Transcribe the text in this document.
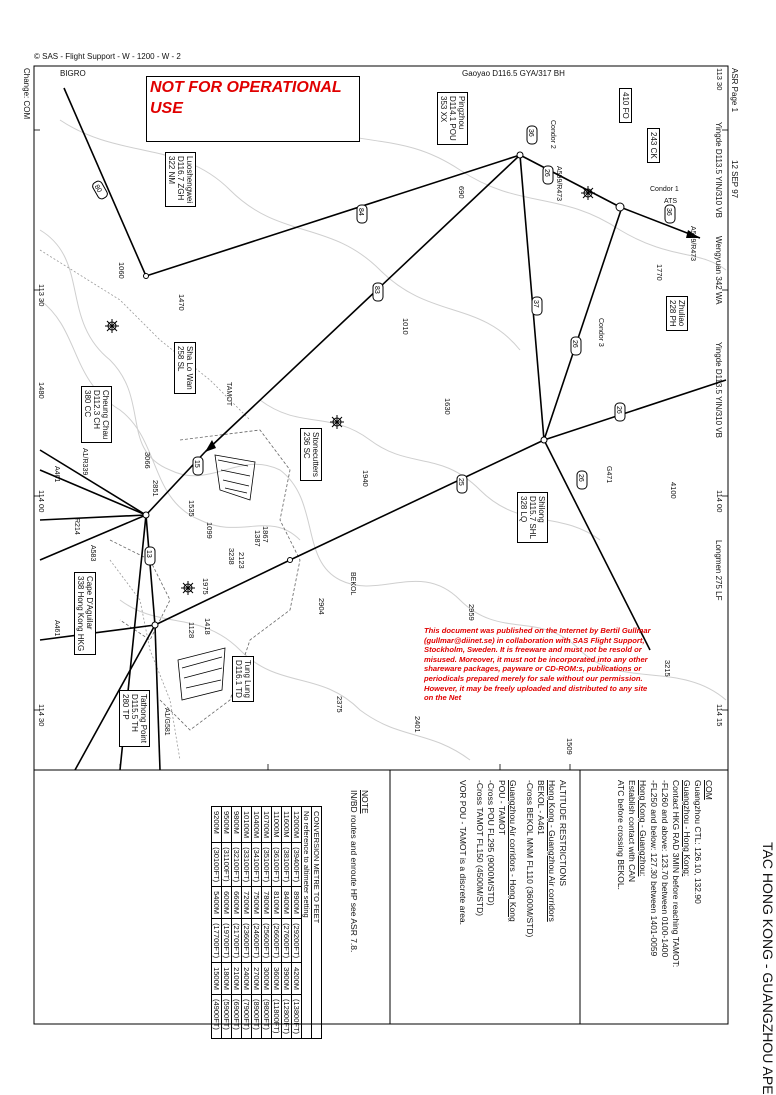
80
84
83
36
26
37
26
36
26
25
26
13
15
© SAS - Flight Support - W - 1200 - W - 2
BIGRO	Gaoyao D116.5 GYA/317 BH
Change: COM	ASR Page 1
12 SEP 97
NOT FOR OPERATIONAL
USE
Yingde D113.5 YIN/310 VB
Wengyuan 342 WA
Yingde D113.5 YIN/310 VB
Longmen 275 LF
Pingzhou
D114.1 POU
353 XX
Luoshengwei
D116.7 ZGH
322 NM
Sha Lo Wan
258 SL
Cheung Chau
D112.3 CH
380 CC
Cape D'Aguilar
338 Hong Kong HKG
Tathong Point
D115.5 TH
280 TP
Tung Lung
D116.1 TD
Stonecutters
236 SC
Shilong
D115.7 SHL
328 LQ
Zhuliao
228 PH
243 CK
410 FO
A599/R473
A599/R473
A1/R339
A461
R214
A583
G471
A1/G581
A461
Condor 2
Condor 1
Condor 3
ATS
BEKOL
TAMOT
690
1060
1470
1010
1630
1940
1480
3066
2851
1535
1099	1387
2123
1975
1867
3238
2904
1418
1128
2375
2401
2959
1509
3215
4100
1770
113 30
114 00
114 30
113 30
114 00
114 15
This document was published on the Internet by Bertil Gullmar (gullmar@diinet.se) in collaboration with SAS Flight Support, Stockholm, Sweden. It is freeware and must not be resold or misused. Moreover, it must not be incorporated into any other shareware packages, payware or CD-ROM:s, publications or periodicals prepared merely for sale without our permission. However, it may be freely uploaded and distributed to any site on the Net
TAC HONG KONG - GUANGZHOU APE
COM
Guangzhou CTL: 126.10, 132.90
Guangzhou - Hong Kong:
Contact HKG RAD 3MIN before reaching TAMOT:
-FL260 and above: 123.70 between 0100-1400
-FL250 and below: 127.30 between 1401-0059
Hong Kong - Guangzhou:
Establish contact with CAN
ATC before crossing BEKOL.
ALTITUDE RESTRICTIONS
Hong Kong - Guangzhou Air corridors
BEKOL - A461
-Cross BEKOL MNM FL110 (3600M/STD)
Guangzhou Air corridors - Hong Kong
POU - TAMOT
-Cross POU FL295 (9000M/STD)
-Cross TAMOT FL150 (4500M/STD)
VOR POU - TAMOT is a discrete area.
NOTE
IN/BD routes and enroute HP see ASR 7.8.
CONVERSION METRE TO FEET					
No reference to altimeter setting					
12000M	(39400FT)	8900M	(29200FT)	4200M	(13800FT)
11600M	(38100FT)	8400M	(27600FT)	3900M	(12800FT)
11000M	(36100FT)	8100M	(26600FT)	3600M	(11800FT)
10700M	(35100FT)	7800M	(25600FT)	3000M	(9800FT)
10400M	(34100FT)	7500M	(24600FT)	2700M	(8900FT)
10100M	(33100FT)	7200M	(23600FT)	2400M	(7900FT)
9800M	(32100FT)	6600M	(21700FT)	2100M	(6900FT)
9500M	(31100FT)	6000M	(19700FT)	1800M	(5900FT)
9200M	(30100FT)	5400M	(17700FT)	1500M	(4900FT)
